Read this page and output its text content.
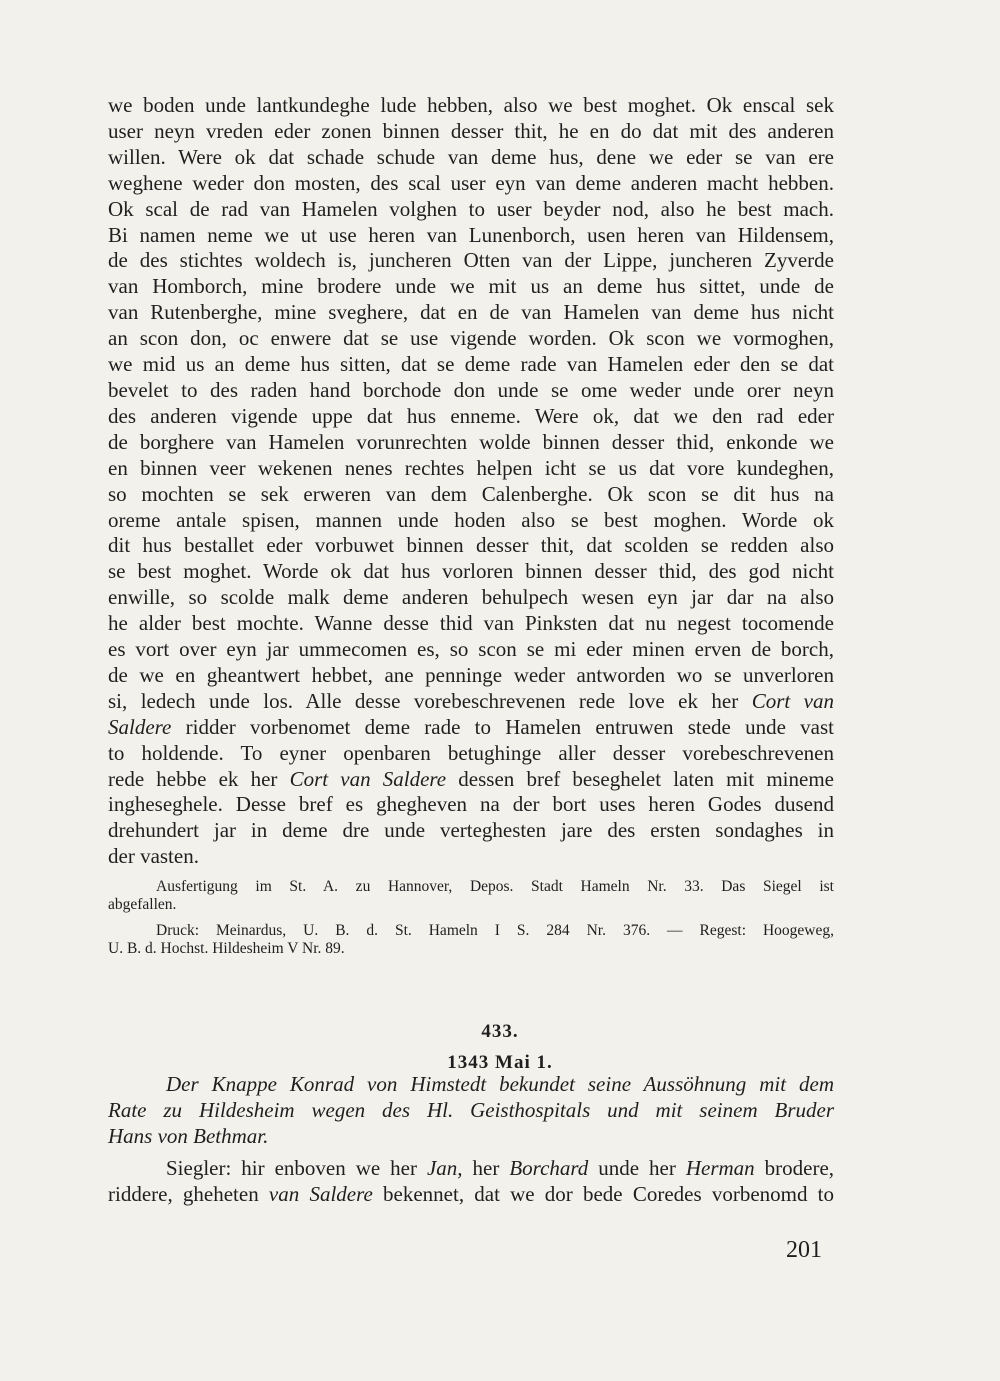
we boden unde lantkundeghe lude hebben, also we best moghet. Ok enscal sek
user neyn vreden eder zonen binnen desser thit, he en do dat mit des anderen
willen. Were ok dat schade schude van deme hus, dene we eder se van ere
weghene weder don mosten, des scal user eyn van deme anderen macht hebben.
Ok scal de rad van Hamelen volghen to user beyder nod, also he best mach.
Bi namen neme we ut use heren van Lunenborch, usen heren van Hildensem,
de des stichtes woldech is, juncheren Otten van der Lippe, juncheren Zyverde
van Homborch, mine brodere unde we mit us an deme hus sittet, unde de
van Rutenberghe, mine sveghere, dat en de van Hamelen van deme hus nicht
an scon don, oc enwere dat se use vigende worden. Ok scon we vormoghen,
we mid us an deme hus sitten, dat se deme rade van Hamelen eder den se dat
bevelet to des raden hand borchode don unde se ome weder unde orer neyn
des anderen vigende uppe dat hus enneme. Were ok, dat we den rad eder
de borghere van Hamelen vorunrechten wolde binnen desser thid, enkonde we
en binnen veer wekenen nenes rechtes helpen icht se us dat vore kundeghen,
so mochten se sek erweren van dem Calenberghe. Ok scon se dit hus na
oreme antale spisen, mannen unde hoden also se best moghen. Worde ok
dit hus bestallet eder vorbuwet binnen desser thit, dat scolden se redden also
se best moghet. Worde ok dat hus vorloren binnen desser thid, des god nicht
enwille, so scolde malk deme anderen behulpech wesen eyn jar dar na also
he alder best mochte. Wanne desse thid van Pinksten dat nu negest tocomende
es vort over eyn jar ummecomen es, so scon se mi eder minen erven de borch,
de we en gheantwert hebbet, ane penninge weder antworden wo se unverloren
si, ledech unde los. Alle desse vorebeschrevenen rede love ek her Cort van
Saldere ridder vorbenomet deme rade to Hamelen entruwen stede unde vast
to holdende. To eyner openbaren betughinge aller desser vorebeschrevenen
rede hebbe ek her Cort van Saldere dessen bref beseghelet laten mit mineme
ingheseghele. Desse bref es ghegheven na der bort uses heren Godes dusend
drehundert jar in deme dre unde verteghesten jare des ersten sondaghes in
der vasten.
Ausfertigung im St. A. zu Hannover, Depos. Stadt Hameln Nr. 33. Das Siegel ist
abgefallen.
Druck: Meinardus, U. B. d. St. Hameln I S. 284 Nr. 376. — Regest: Hoogeweg,
U. B. d. Hochst. Hildesheim V Nr. 89.
433.
1343 Mai 1.
Der Knappe Konrad von Himstedt bekundet seine Aussöhnung mit dem
Rate zu Hildesheim wegen des Hl. Geisthospitals und mit seinem Bruder
Hans von Bethmar.
Siegler: hir enboven we her Jan, her Borchard unde her Herman brodere,
riddere, gheheten van Saldere bekennet, dat we dor bede Coredes vorbenomd to
201
